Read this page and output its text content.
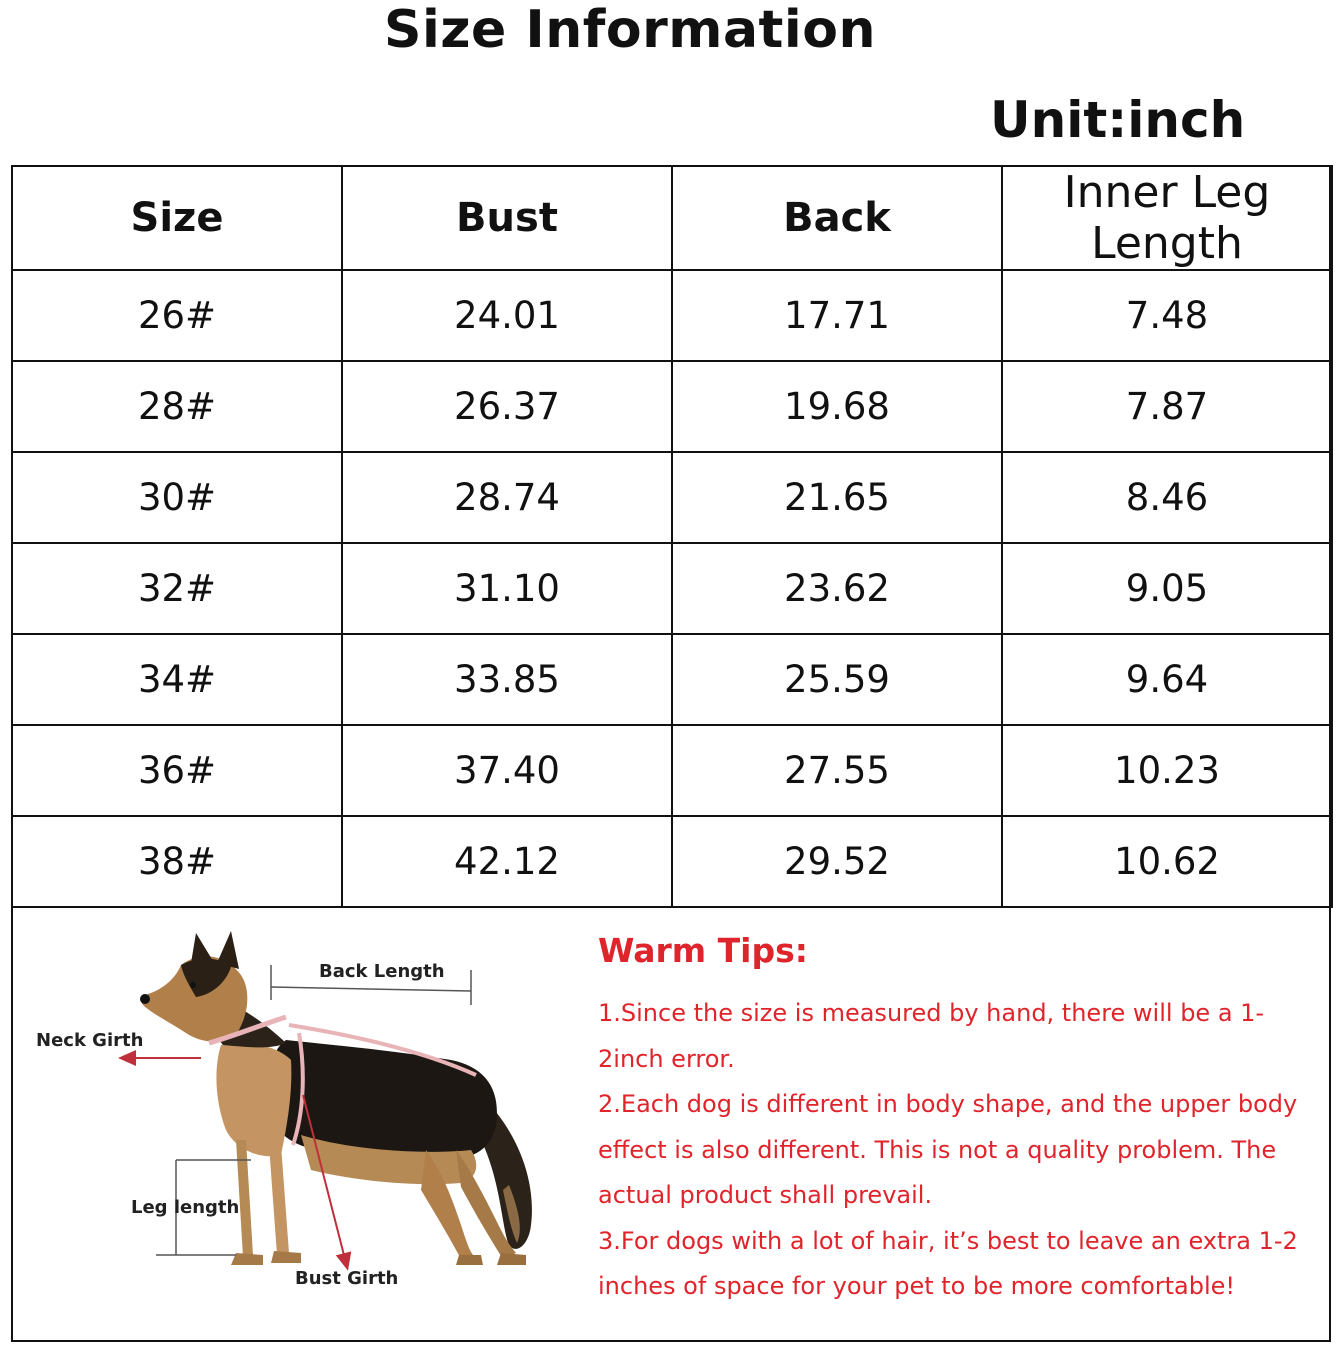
Size Information
Unit:inch
Size	Bust	Back	Inner Leg Length
26#	24.01	17.71	7.48
28#	26.37	19.68	7.87
30#	28.74	21.65	8.46
32#	31.10	23.62	9.05
34#	33.85	25.59	9.64
36#	37.40	27.55	10.23
38#	42.12	29.52	10.62
Back Length
Neck Girth
Leg length
Bust Girth
Warm Tips:
1.Since the size is measured by hand, there will be a 1-2inch error.
2.Each dog is different in body shape, and the upper body effect is also different. This is not a quality problem. The actual product shall prevail.
3.For dogs with a lot of hair, it’s best to leave an extra 1-2 inches of space for your pet to be more comfortable!
